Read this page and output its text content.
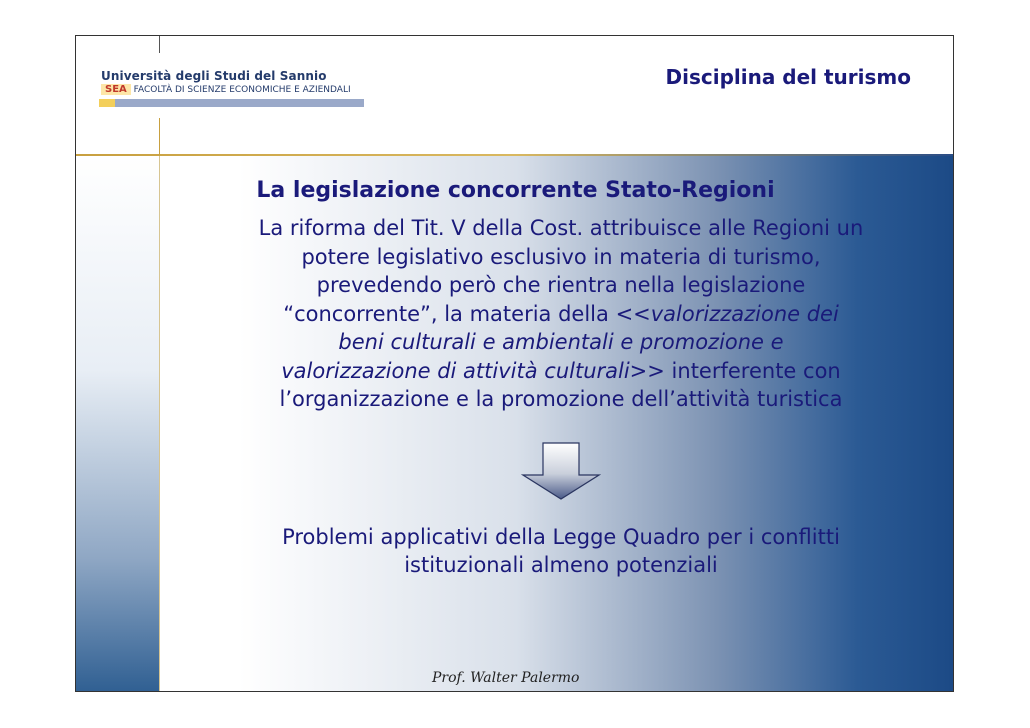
Università degli Studi del Sannio
SEA FACOLTÀ DI SCIENZE ECONOMICHE E AZIENDALI
Disciplina del turismo
La legislazione concorrente Stato-Regioni
La riforma del Tit. V della Cost. attribuisce alle Regioni un
potere legislativo esclusivo in materia di turismo,
prevedendo però che rientra nella legislazione
“concorrente”, la materia della <<valorizzazione dei
beni culturali e ambientali e promozione e
valorizzazione di attività culturali>> interferente con
l’organizzazione e la promozione dell’attività turistica
Problemi applicativi della Legge Quadro per i conflitti
istituzionali almeno potenziali
Prof. Walter Palermo
